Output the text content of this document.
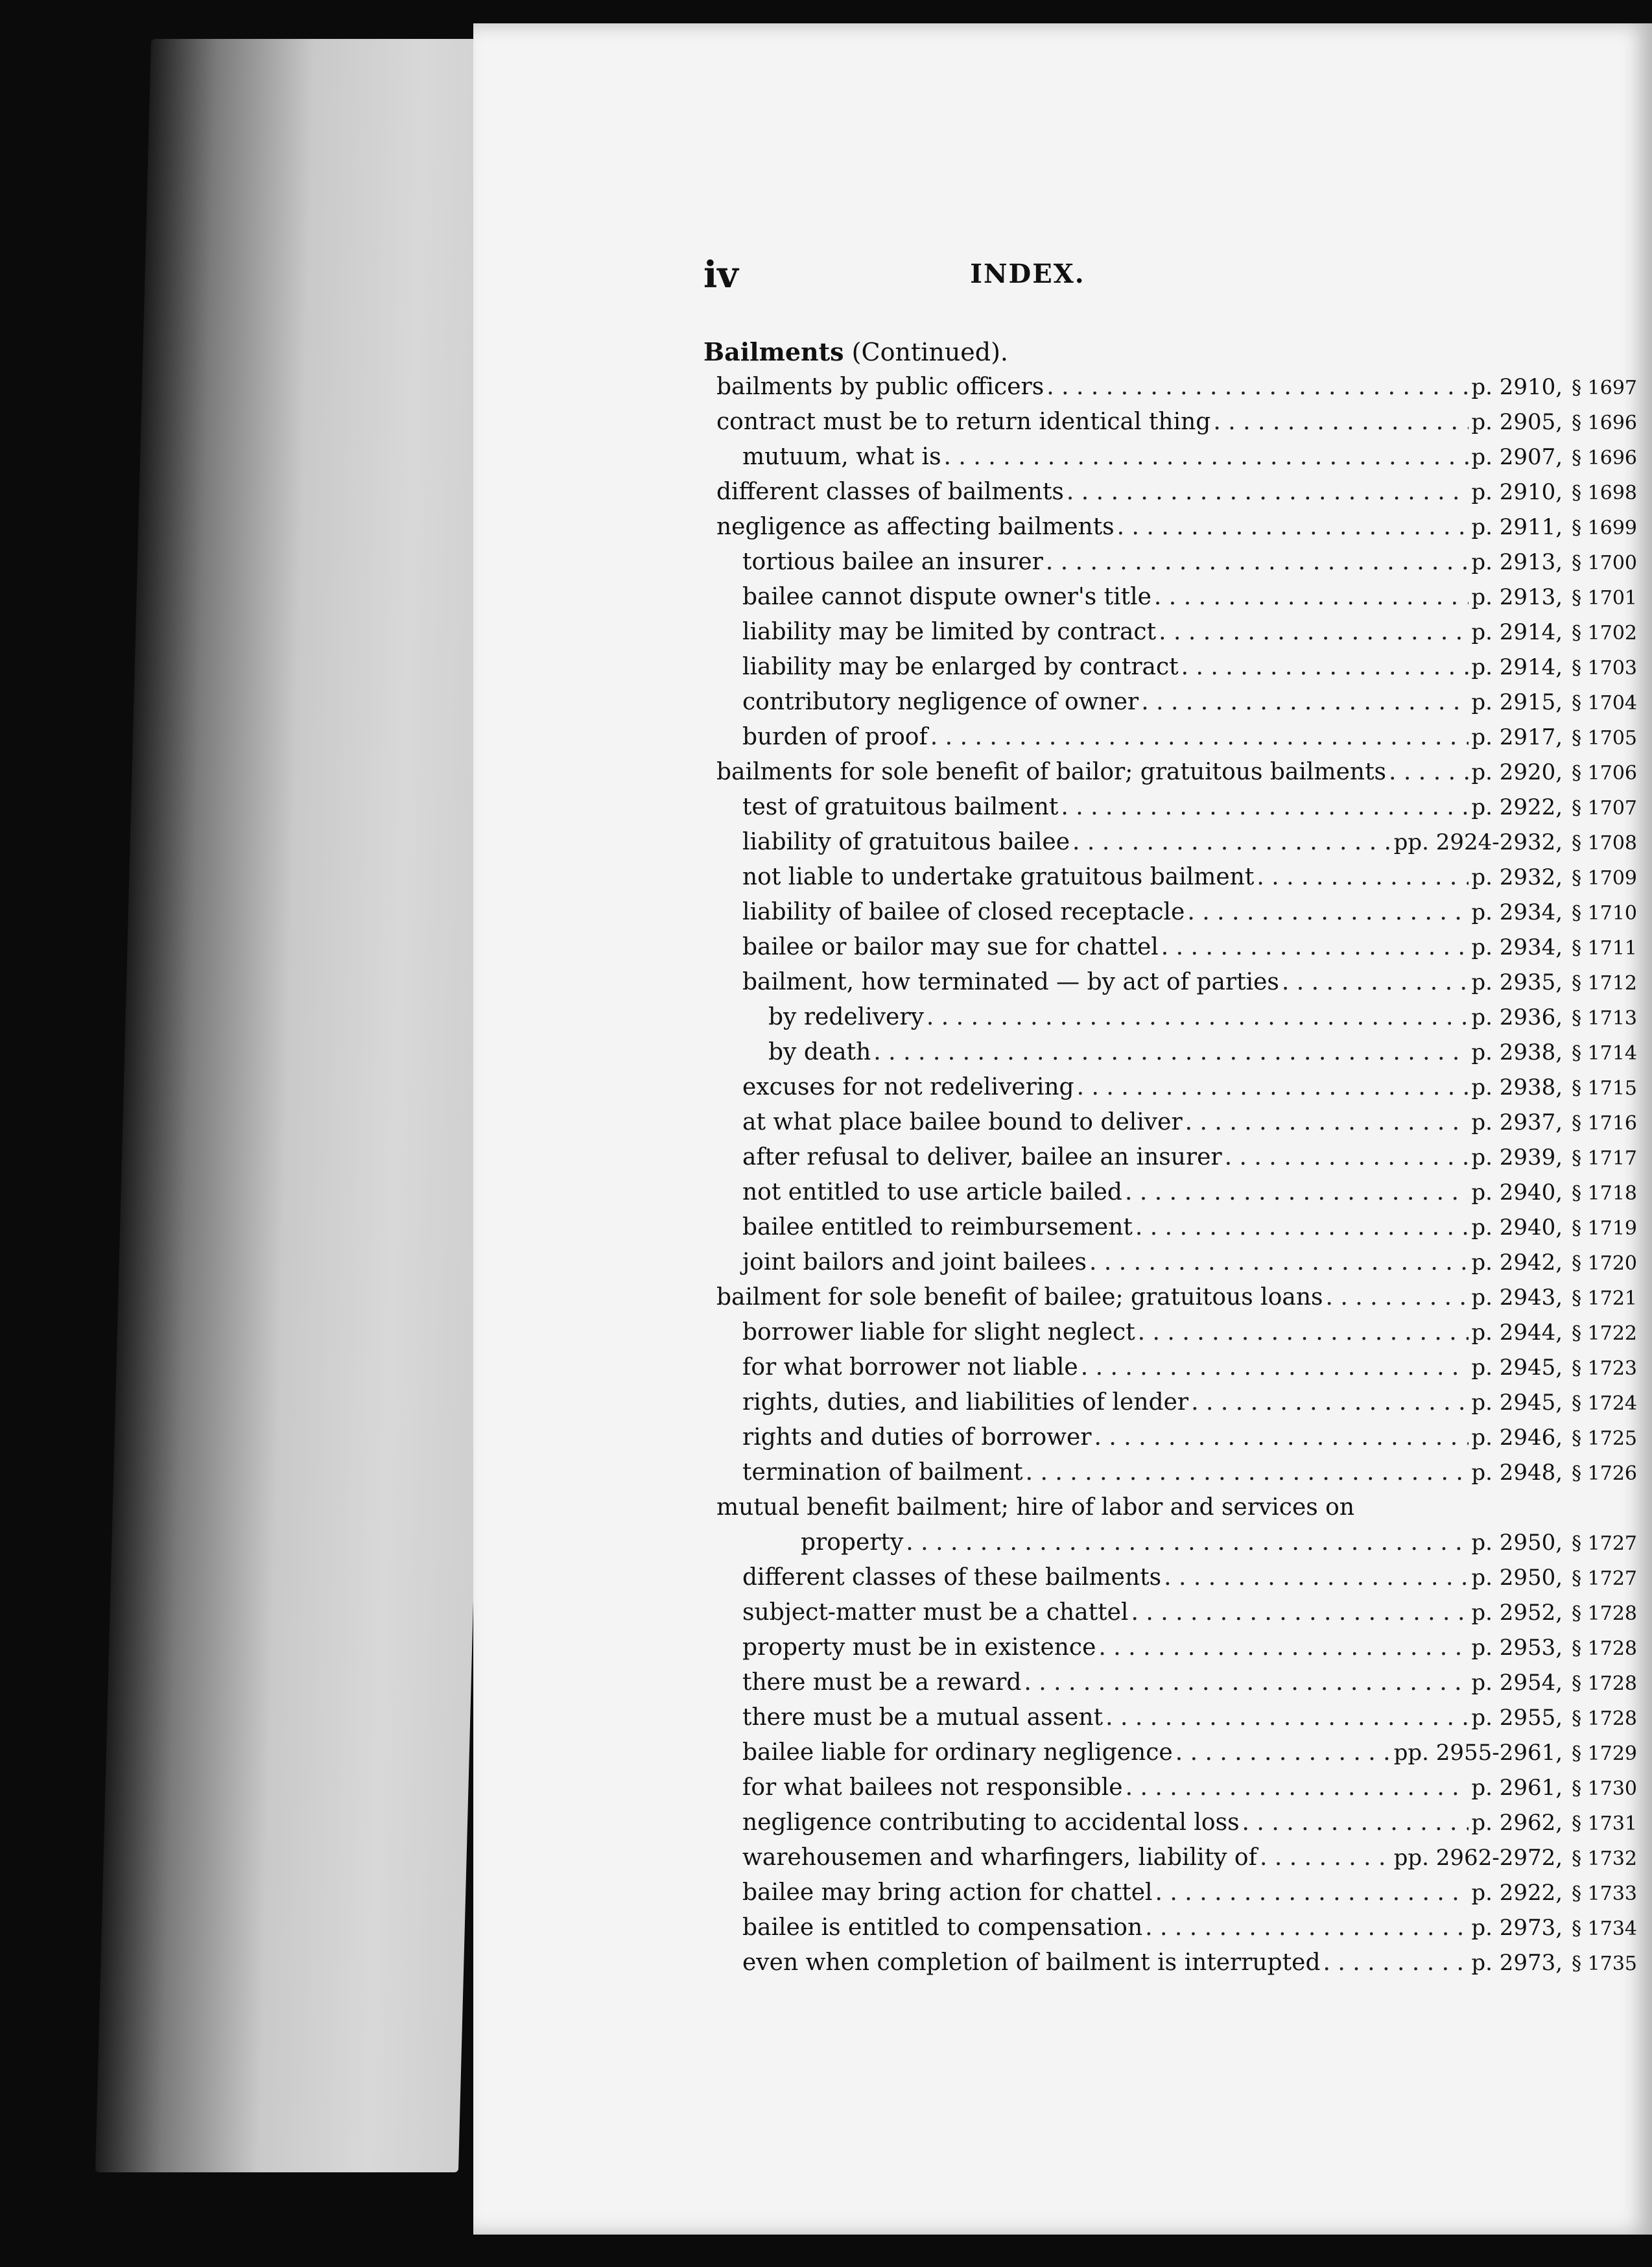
iv	INDEX.
Bailments (Continued).
bailments by public officers . . .	p. 2910, § 1697
contract must be to return identical thing . . .	p. 2905, § 1696
mutuum, what is . . .	p. 2907, § 1696
different classes of bailments . . .	p. 2910, § 1698
negligence as affecting bailments . . .	p. 2911, § 1699
tortious bailee an insurer . . .	p. 2913, § 1700
bailee cannot dispute owner's title . . .	p. 2913, § 1701
liability may be limited by contract . . .	p. 2914, § 1702
liability may be enlarged by contract . . .	p. 2914, § 1703
contributory negligence of owner . . .	p. 2915, § 1704
burden of proof . . .	p. 2917, § 1705
bailments for sole benefit of bailor; gratuitous bailments . . .	p. 2920, § 1706
test of gratuitous bailment . . .	p. 2922, § 1707
liability of gratuitous bailee . . .	pp. 2924-2932, § 1708
not liable to undertake gratuitous bailment . . .	p. 2932, § 1709
liability of bailee of closed receptacle . . .	p. 2934, § 1710
bailee or bailor may sue for chattel . . .	p. 2934, § 1711
bailment, how terminated — by act of parties . . .	p. 2935, § 1712
by redelivery . . .	p. 2936, § 1713
by death . . .	p. 2938, § 1714
excuses for not redelivering . . .	p. 2938, § 1715
at what place bailee bound to deliver . . .	p. 2937, § 1716
after refusal to deliver, bailee an insurer . . .	p. 2939, § 1717
not entitled to use article bailed . . .	p. 2940, § 1718
bailee entitled to reimbursement . . .	p. 2940, § 1719
joint bailors and joint bailees . . .	p. 2942, § 1720
bailment for sole benefit of bailee; gratuitous loans . . .	p. 2943, § 1721
borrower liable for slight neglect . . .	p. 2944, § 1722
for what borrower not liable . . .	p. 2945, § 1723
rights, duties, and liabilities of lender . . .	p. 2945, § 1724
rights and duties of borrower . . .	p. 2946, § 1725
termination of bailment . . .	p. 2948, § 1726
mutual benefit bailment; hire of labor and services on
property . . .	p. 2950, § 1727
different classes of these bailments . . .	p. 2950, § 1727
subject-matter must be a chattel . . .	p. 2952, § 1728
property must be in existence . . .	p. 2953, § 1728
there must be a reward . . .	p. 2954, § 1728
there must be a mutual assent . . .	p. 2955, § 1728
bailee liable for ordinary negligence . . .	pp. 2955-2961, § 1729
for what bailees not responsible . . .	p. 2961, § 1730
negligence contributing to accidental loss . . .	p. 2962, § 1731
warehousemen and wharfingers, liability of . . .	pp. 2962-2972, § 1732
bailee may bring action for chattel . . .	p. 2922, § 1733
bailee is entitled to compensation . . .	p. 2973, § 1734
even when completion of bailment is interrupted . . .	p. 2973, § 1735
